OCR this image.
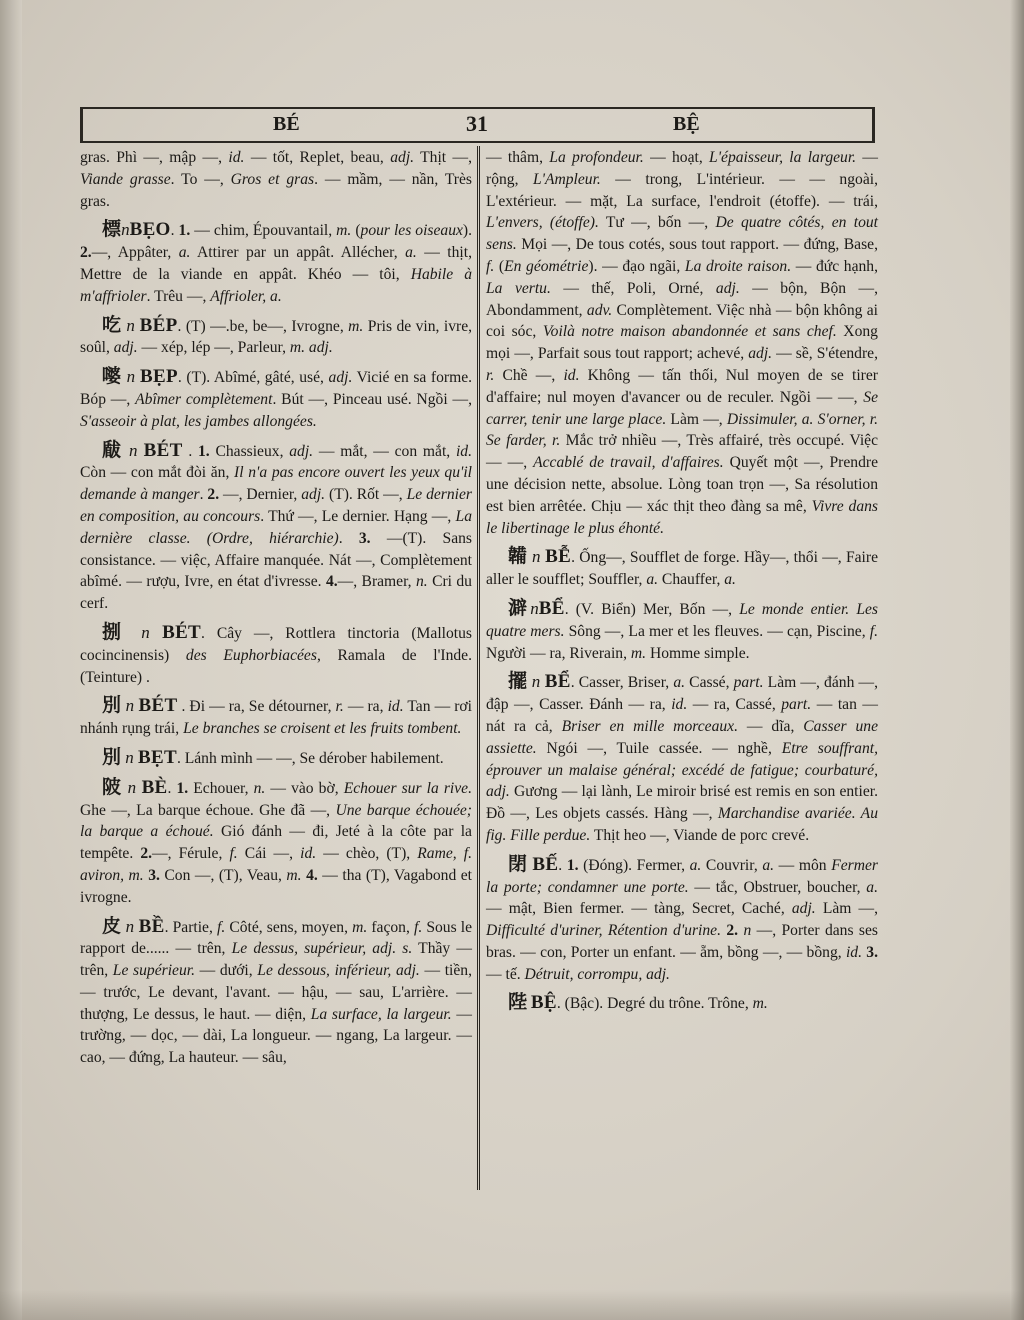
BÉ	31	BỆ

gras. Phì —, mập —, id. — tốt, Replet, beau, adj. Thịt —, Viande grasse. To —, Gros et gras. — mầm, — nần, Très gras.

標nBẸO. 1. — chim, Épouvantail, m. (pour les oiseaux). 2.—, Appâter, a. Attirer par un appât. Allécher, a. — thịt, Mettre de la viande en appât. Khéo — tôi, Habile à m'affrioler. Trêu —, Affrioler, a.

吃 n BÉP. (T) —.be, be—, Ivrogne, m. Pris de vin, ivre, soûl, adj. — xép, lép —, Parleur, m. adj.

嘙 n BẸP. (T). Abîmé, gâté, usé, adj. Vicié en sa forme. Bóp —, Abîmer complètement. Bút —, Pinceau usé. Ngồi —, S'asseoir à plat, les jambes allongées.

瞂 n BÉT . 1. Chassieux, adj. — mắt, — con mắt, id. Còn — con mắt đòi ăn, Il n'a pas encore ouvert les yeux qu'il demande à manger. 2. —, Dernier, adj. (T). Rốt —, Le dernier en composition, au concours. Thứ —, Le dernier. Hạng —, La dernière classe. (Ordre, hiérarchie). 3. —(T). Sans consistance. — việc, Affaire manquée. Nát —, Complètement abîmé. — rượu, Ivre, en état d'ivresse. 4.—, Bramer, n. Cri du cerf.

捌 n BÉT. Cây —, Rottlera tinctoria (Mallotus cocincinensis) des Euphorbiacées, Ramala de l'Inde. (Teinture) .

別 n BÉT . Đi — ra, Se détourner, r. — ra, id. Tan — rơi nhánh rụng trái, Le branches se croisent et les fruits tombent.

別 n BẸT. Lánh mình — —, Se dérober habilement.

陂 n BÈ. 1. Echouer, n. — vào bờ, Echouer sur la rive. Ghe —, La barque échoue. Ghe đã —, Une barque échouée; la barque a échoué. Gió đánh — đi, Jeté à la côte par la tempête. 2.—, Férule, f. Cái —, id. — chèo, (T), Rame, f. aviron, m. 3. Con —, (T), Veau, m. 4. — tha (T), Vagabond et ivrogne.

皮 n BỀ. Partie, f. Côté, sens, moyen, m. façon, f. Sous le rapport de...... — trên, Le dessus, supérieur, adj. s. Thầy — trên, Le supérieur. — dưới, Le dessous, inférieur, adj. — tiền, — trước, Le devant, l'avant. — hậu, — sau, L'arrière. — thượng, Le dessus, le haut. — diện, La surface, la largeur. — trường, — dọc, — dài, La longueur. — ngang, La largeur. — cao, — đứng, La hauteur. — sâu,

— thâm, La profondeur. — hoạt, L'épaisseur, la largeur. — rộng, L'Ampleur. — trong, L'intérieur. — — ngoài, L'extérieur. — mặt, La surface, l'endroit (étoffe). — trái, L'envers, (étoffe). Tư —, bốn —, De quatre côtés, en tout sens. Mọi —, De tous cotés, sous tout rapport. — đứng, Base, f. (En géométrie). — đạo ngãi, La droite raison. — đức hạnh, La vertu. — thế, Poli, Orné, adj. — bộn, Bộn —, Abondamment, adv. Complètement. Việc nhà — bộn không ai coi sóc, Voilà notre maison abandonnée et sans chef. Xong mọi —, Parfait sous tout rapport; achevé, adj. — sề, S'étendre, r. Chề —, id. Không — tấn thối, Nul moyen de se tirer d'affaire; nul moyen d'avancer ou de reculer. Ngồi — —, Se carrer, tenir une large place. Làm —, Dissimuler, a. S'orner, r. Se farder, r. Mắc trở nhiều —, Très affairé, très occupé. Việc — —, Accablé de travail, d'affaires. Quyết một —, Prendre une décision nette, absolue. Lòng toan trọn —, Sa résolution est bien arrêtée. Chịu — xác thịt theo đàng sa mê, Vivre dans le libertinage le plus éhonté.

韛 n BỄ. Ống—, Soufflet de forge. Hầy—, thổi —, Faire aller le soufflet; Souffler, a. Chauffer, a.

澼nBỂ. (V. Biển) Mer, Bốn —, Le monde entier. Les quatre mers. Sông —, La mer et les fleuves. — cạn, Piscine, f. Người — ra, Riverain, m. Homme simple.

擺 n BỂ. Casser, Briser, a. Cassé, part. Làm —, đánh —, đập —, Casser. Đánh — ra, id. — ra, Cassé, part. — tan — nát ra cả, Briser en mille morceaux. — dĩa, Casser une assiette. Ngói —, Tuile cassée. — nghề, Etre souffrant, éprouver un malaise général; excédé de fatigue; courbaturé, adj. Gương — lại lành, Le miroir brisé est remis en son entier. Đồ —, Les objets cassés. Hàng —, Marchandise avariée. Au fig. Fille perdue. Thịt heo —, Viande de porc crevé.

閉 BẾ. 1. (Đóng). Fermer, a. Couvrir, a. — môn Fermer la porte; condamner une porte. — tắc, Obstruer, boucher, a. — mật, Bien fermer. — tàng, Secret, Caché, adj. Làm —, Difficulté d'uriner, Rétention d'urine. 2. n —, Porter dans ses bras. — con, Porter un enfant. — ẵm, bồng —, — bồng, id. 3. — tế. Détruit, corrompu, adj.

陛 BỆ. (Bậc). Degré du trône. Trône, m.
